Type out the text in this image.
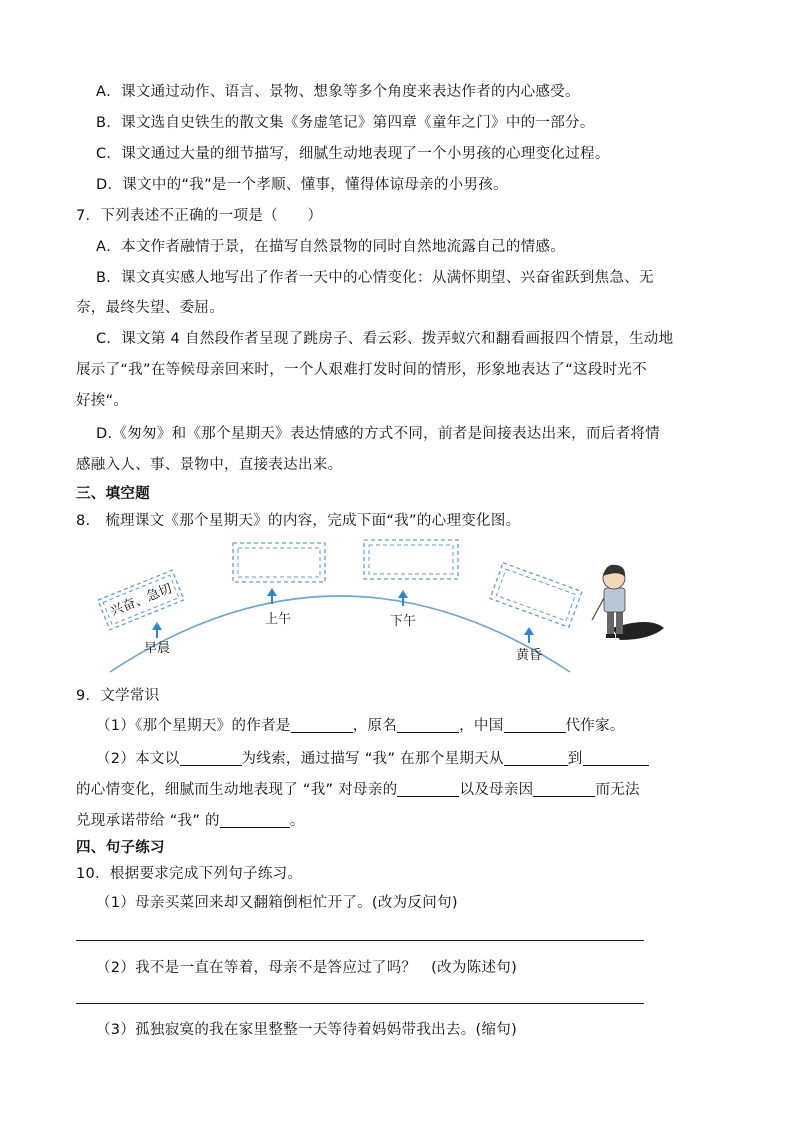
A．课文通过动作、语言、景物、想象等多个角度来表达作者的内心感受。
B．课文选自史铁生的散文集《务虚笔记》第四章《童年之门》中的一部分。
C．课文通过大量的细节描写，细腻生动地表现了一个小男孩的心理变化过程。
D．课文中的“我”是一个孝顺、懂事，懂得体谅母亲的小男孩。
7．下列表述不正确的一项是（　　）
A．本文作者融情于景，在描写自然景物的同时自然地流露自己的情感。
B．课文真实感人地写出了作者一天中的心情变化：从满怀期望、兴奋雀跃到焦急、无
奈，最终失望、委屈。
C．课文第 4 自然段作者呈现了跳房子、看云彩、拨弄蚁穴和翻看画报四个情景，生动地
展示了“我”在等候母亲回来时，一个人艰难打发时间的情形，形象地表达了“这段时光不
好挨“。
D.《匆匆》和《那个星期天》表达情感的方式不同，前者是间接表达出来，而后者将情
感融入人、事、景物中，直接表达出来。
三、填空题
8.　梳理课文《那个星期天》的内容，完成下面“我”的心理变化图。
兴奋、急切
早晨
上午	下午
黄昏
9．文学常识
（1）《那个星期天》的作者是	，原名	，中国	代作家。
（2）本文以	为线索，通过描写 “我” 在那个星期天从	到
的心情变化，细腻而生动地表现了 “我” 对母亲的	以及母亲因	而无法
兑现承诺带给 “我” 的	。
四、句子练习
10．根据要求完成下列句子练习。
（1）母亲买菜回来却又翻箱倒柜忙开了。(改为反问句)
（2）我不是一直在等着，母亲不是答应过了吗？　(改为陈述句)
（3）孤独寂寞的我在家里整整一天等待着妈妈带我出去。(缩句)
